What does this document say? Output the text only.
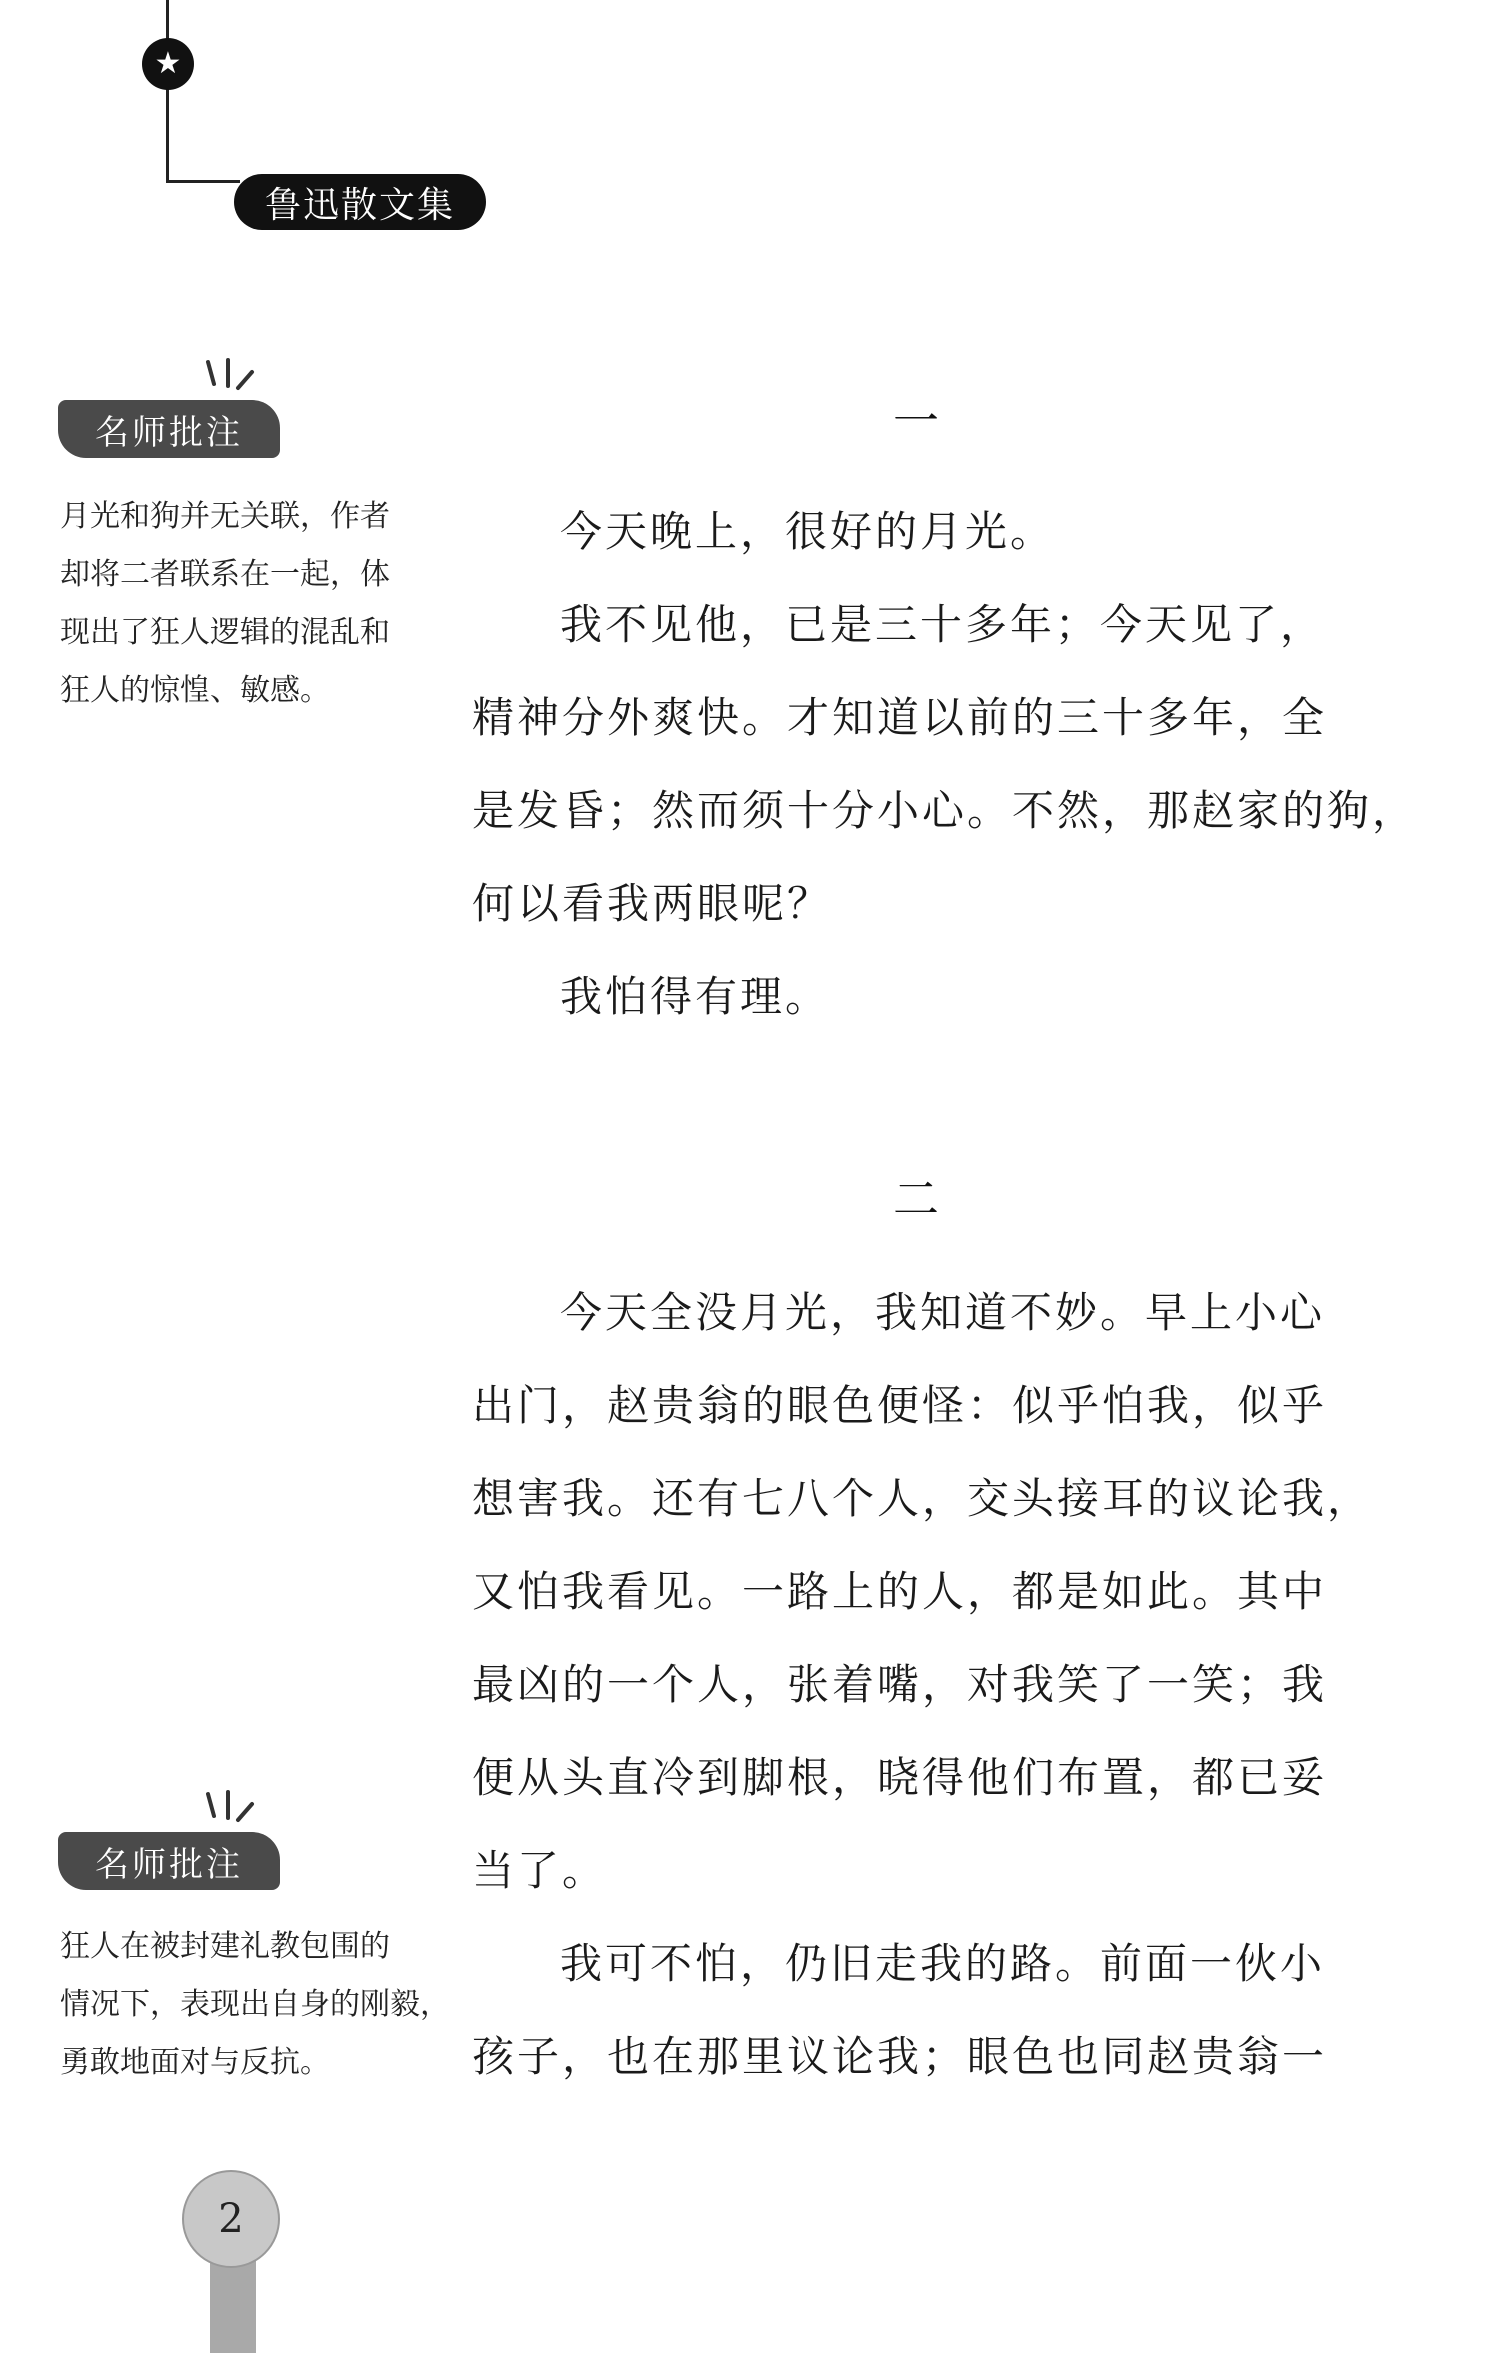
★
鲁迅散文集
名师批注
月光和狗并无关联，作者
却将二者联系在一起，体
现出了狂人逻辑的混乱和
狂人的惊惶、敏感。
名师批注
狂人在被封建礼教包围的
情况下，表现出自身的刚毅，
勇敢地面对与反抗。
一
今天晚上，很好的月光。
我不见他，已是三十多年；今天见了，
精神分外爽快。才知道以前的三十多年，全
是发昏；然而须十分小心。不然，那赵家的狗，
何以看我两眼呢？
我怕得有理。
二
今天全没月光，我知道不妙。早上小心
出门，赵贵翁的眼色便怪：似乎怕我，似乎
想害我。还有七八个人，交头接耳的议论我，
又怕我看见。一路上的人，都是如此。其中
最凶的一个人，张着嘴，对我笑了一笑；我
便从头直冷到脚根，晓得他们布置，都已妥
当了。
我可不怕，仍旧走我的路。前面一伙小
孩子，也在那里议论我；眼色也同赵贵翁一
2
